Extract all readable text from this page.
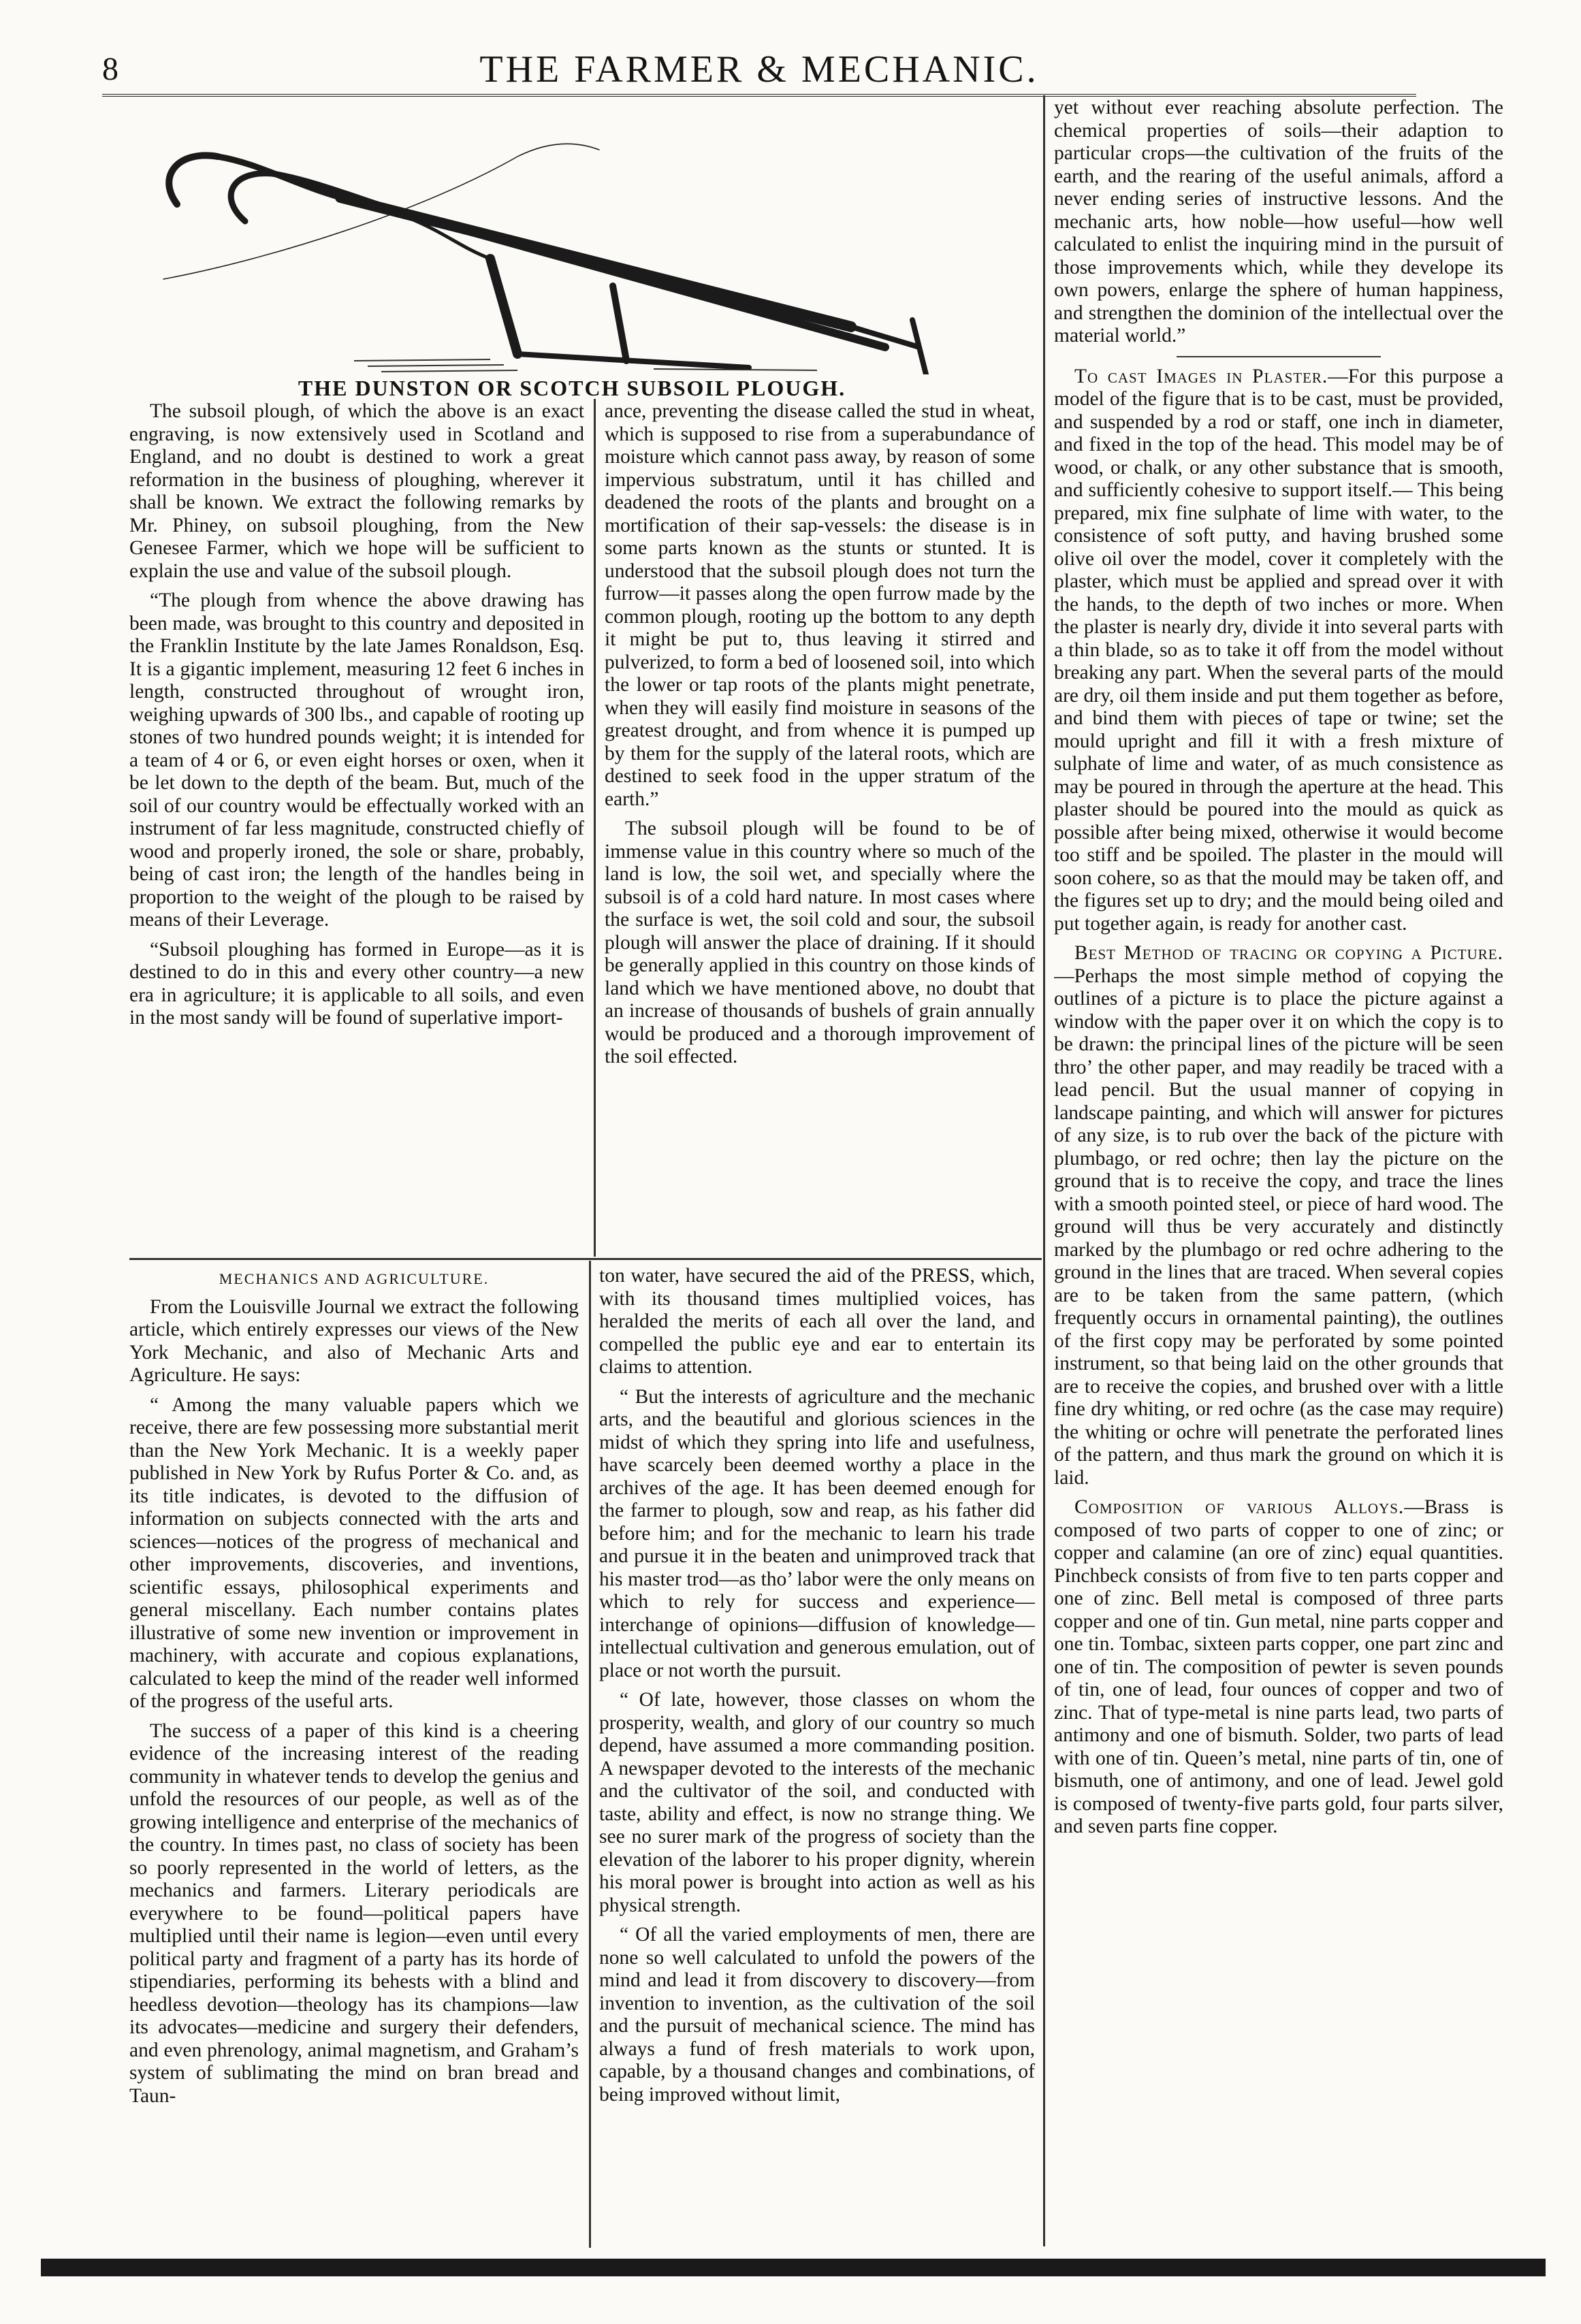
8	THE FARMER & MECHANIC.
THE DUNSTON OR SCOTCH SUBSOIL PLOUGH.

The subsoil plough, of which the above is an exact engraving, is now extensively used in Scotland and England, and no doubt is destined to work a great reformation in the business of ploughing, wherever it shall be known. We extract the following remarks by Mr. Phiney, on subsoil ploughing, from the New Genesee Farmer, which we hope will be sufficient to explain the use and value of the subsoil plough.

“The plough from whence the above drawing has been made, was brought to this country and deposited in the Franklin Institute by the late James Ronaldson, Esq. It is a gigantic implement, measuring 12 feet 6 inches in length, constructed throughout of wrought iron, weighing upwards of 300 lbs., and capable of rooting up stones of two hundred pounds weight; it is intended for a team of 4 or 6, or even eight horses or oxen, when it be let down to the depth of the beam. But, much of the soil of our country would be effectually worked with an instrument of far less magnitude, constructed chiefly of wood and properly ironed, the sole or share, probably, being of cast iron; the length of the handles being in proportion to the weight of the plough to be raised by means of their Leverage.

“Subsoil ploughing has formed in Europe—as it is destined to do in this and every other country—a new era in agriculture; it is applicable to all soils, and even in the most sandy will be found of superlative import-

ance, preventing the disease called the stud in wheat, which is supposed to rise from a superabundance of moisture which cannot pass away, by reason of some impervious substratum, until it has chilled and deadened the roots of the plants and brought on a mortification of their sap-vessels: the disease is in some parts known as the stunts or stunted. It is understood that the subsoil plough does not turn the furrow—it passes along the open furrow made by the common plough, rooting up the bottom to any depth it might be put to, thus leaving it stirred and pulverized, to form a bed of loosened soil, into which the lower or tap roots of the plants might penetrate, when they will easily find moisture in seasons of the greatest drought, and from whence it is pumped up by them for the supply of the lateral roots, which are destined to seek food in the upper stratum of the earth.”

The subsoil plough will be found to be of immense value in this country where so much of the land is low, the soil wet, and specially where the subsoil is of a cold hard nature. In most cases where the surface is wet, the soil cold and sour, the subsoil plough will answer the place of draining. If it should be generally applied in this country on those kinds of land which we have mentioned above, no doubt that an increase of thousands of bushels of grain annually would be produced and a thorough improvement of the soil effected.

MECHANICS AND AGRICULTURE.

From the Louisville Journal we extract the following article, which entirely expresses our views of the New York Mechanic, and also of Mechanic Arts and Agriculture. He says:

“ Among the many valuable papers which we receive, there are few possessing more substantial merit than the New York Mechanic. It is a weekly paper published in New York by Rufus Porter & Co. and, as its title indicates, is devoted to the diffusion of information on subjects connected with the arts and sciences—notices of the progress of mechanical and other improvements, discoveries, and inventions, scientific essays, philosophical experiments and general miscellany. Each number contains plates illustrative of some new invention or improvement in machinery, with accurate and copious explanations, calculated to keep the mind of the reader well informed of the progress of the useful arts.

The success of a paper of this kind is a cheering evidence of the increasing interest of the reading community in whatever tends to develop the genius and unfold the resources of our people, as well as of the growing intelligence and enterprise of the mechanics of the country. In times past, no class of society has been so poorly represented in the world of letters, as the mechanics and farmers. Literary periodicals are everywhere to be found—political papers have multiplied until their name is legion—even until every political party and fragment of a party has its horde of stipendiaries, performing its behests with a blind and heedless devotion—theology has its champions—law its advocates—medicine and surgery their defenders, and even phrenology, animal magnetism, and Graham’s system of sublimating the mind on bran bread and Taun-

ton water, have secured the aid of the PRESS, which, with its thousand times multiplied voices, has heralded the merits of each all over the land, and compelled the public eye and ear to entertain its claims to attention.

“ But the interests of agriculture and the mechanic arts, and the beautiful and glorious sciences in the midst of which they spring into life and usefulness, have scarcely been deemed worthy a place in the archives of the age. It has been deemed enough for the farmer to plough, sow and reap, as his father did before him; and for the mechanic to learn his trade and pursue it in the beaten and unimproved track that his master trod—as tho’ labor were the only means on which to rely for success and experience—interchange of opinions—diffusion of knowledge—intellectual cultivation and generous emulation, out of place or not worth the pursuit.

“ Of late, however, those classes on whom the prosperity, wealth, and glory of our country so much depend, have assumed a more commanding position. A newspaper devoted to the interests of the mechanic and the cultivator of the soil, and conducted with taste, ability and effect, is now no strange thing. We see no surer mark of the progress of society than the elevation of the laborer to his proper dignity, wherein his moral power is brought into action as well as his physical strength.

“ Of all the varied employments of men, there are none so well calculated to unfold the powers of the mind and lead it from discovery to discovery—from invention to invention, as the cultivation of the soil and the pursuit of mechanical science. The mind has always a fund of fresh materials to work upon, capable, by a thousand changes and combinations, of being improved without limit,

yet without ever reaching absolute perfection. The chemical properties of soils—their adaption to particular crops—the cultivation of the fruits of the earth, and the rearing of the useful animals, afford a never ending series of instructive lessons. And the mechanic arts, how noble—how useful—how well calculated to enlist the inquiring mind in the pursuit of those improvements which, while they develope its own powers, enlarge the sphere of human happiness, and strengthen the dominion of the intellectual over the material world.”

To cast Images in Plaster.—For this purpose a model of the figure that is to be cast, must be provided, and suspended by a rod or staff, one inch in diameter, and fixed in the top of the head. This model may be of wood, or chalk, or any other substance that is smooth, and sufficiently cohesive to support itself.— This being prepared, mix fine sulphate of lime with water, to the consistence of soft putty, and having brushed some olive oil over the model, cover it completely with the plaster, which must be applied and spread over it with the hands, to the depth of two inches or more. When the plaster is nearly dry, divide it into several parts with a thin blade, so as to take it off from the model without breaking any part. When the several parts of the mould are dry, oil them inside and put them together as before, and bind them with pieces of tape or twine; set the mould upright and fill it with a fresh mixture of sulphate of lime and water, of as much consistence as may be poured in through the aperture at the head. This plaster should be poured into the mould as quick as possible after being mixed, otherwise it would become too stiff and be spoiled. The plaster in the mould will soon cohere, so as that the mould may be taken off, and the figures set up to dry; and the mould being oiled and put together again, is ready for another cast.

Best Method of tracing or copying a Picture.—Perhaps the most simple method of copying the outlines of a picture is to place the picture against a window with the paper over it on which the copy is to be drawn: the principal lines of the picture will be seen thro’ the other paper, and may readily be traced with a lead pencil. But the usual manner of copying in landscape painting, and which will answer for pictures of any size, is to rub over the back of the picture with plumbago, or red ochre; then lay the picture on the ground that is to receive the copy, and trace the lines with a smooth pointed steel, or piece of hard wood. The ground will thus be very accurately and distinctly marked by the plumbago or red ochre adhering to the ground in the lines that are traced. When several copies are to be taken from the same pattern, (which frequently occurs in ornamental painting), the outlines of the first copy may be perforated by some pointed instrument, so that being laid on the other grounds that are to receive the copies, and brushed over with a little fine dry whiting, or red ochre (as the case may require) the whiting or ochre will penetrate the perforated lines of the pattern, and thus mark the ground on which it is laid.

Composition of various Alloys.—Brass is composed of two parts of copper to one of zinc; or copper and calamine (an ore of zinc) equal quantities. Pinchbeck consists of from five to ten parts copper and one of zinc. Bell metal is composed of three parts copper and one of tin. Gun metal, nine parts copper and one tin. Tombac, sixteen parts copper, one part zinc and one of tin. The composition of pewter is seven pounds of tin, one of lead, four ounces of copper and two of zinc. That of type-metal is nine parts lead, two parts of antimony and one of bismuth. Solder, two parts of lead with one of tin. Queen’s metal, nine parts of tin, one of bismuth, one of antimony, and one of lead. Jewel gold is composed of twenty-five parts gold, four parts silver, and seven parts fine copper.
